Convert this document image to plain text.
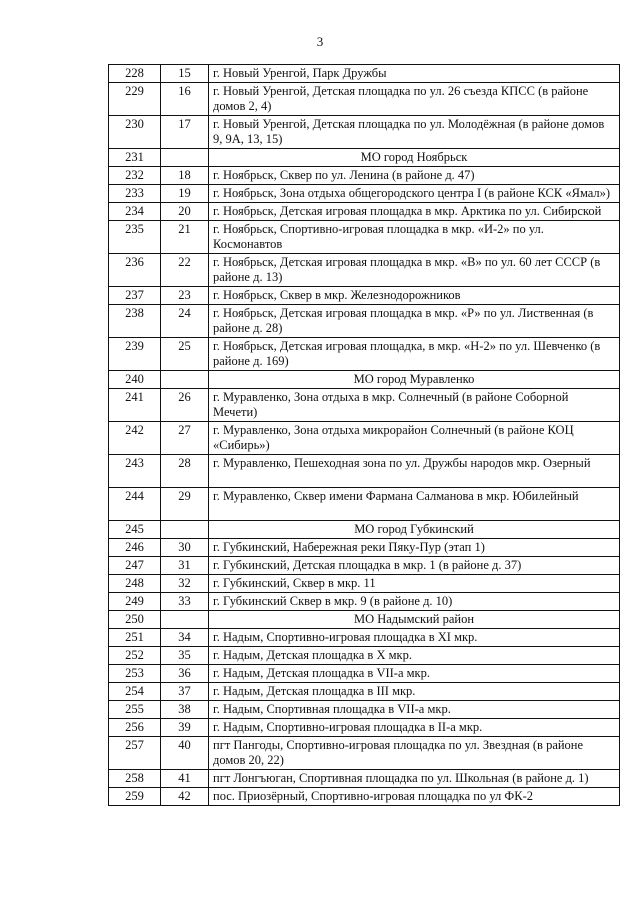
3
228	15	г. Новый Уренгой, Парк Дружбы
229	16	г. Новый Уренгой, Детская площадка по ул. 26 съезда КПСС (в районе домов 2, 4)
230	17	г. Новый Уренгой, Детская площадка по ул. Молодёжная (в районе домов 9, 9А, 13, 15)
231		МО город Ноябрьск
232	18	г. Ноябрьск, Сквер по ул. Ленина (в районе д. 47)
233	19	г. Ноябрьск, Зона отдыха общегородского центра I (в районе КСК «Ямал»)
234	20	г. Ноябрьск, Детская игровая площадка в мкр. Арктика по ул. Сибирской
235	21	г. Ноябрьск, Спортивно-игровая площадка в мкр. «И-2» по ул. Космонавтов
236	22	г. Ноябрьск, Детская игровая площадка в мкр. «В» по ул. 60 лет СССР (в районе д. 13)
237	23	г. Ноябрьск, Сквер в мкр. Железнодорожников
238	24	г. Ноябрьск, Детская игровая площадка в мкр. «Р» по ул. Лиственная (в районе д. 28)
239	25	г. Ноябрьск, Детская игровая площадка, в мкр. «Н-2» по ул. Шевченко (в районе д. 169)
240		МО город Муравленко
241	26	г. Муравленко, Зона отдыха в мкр. Солнечный (в районе Соборной Мечети)
242	27	г. Муравленко, Зона отдыха микрорайон Солнечный (в районе КОЦ «Сибирь»)
243	28	г. Муравленко, Пешеходная зона по ул. Дружбы народов мкр. Озерный
244	29	г. Муравленко, Сквер имени Фармана Салманова в мкр. Юбилейный
245		МО город Губкинский
246	30	г. Губкинский, Набережная реки Пяку-Пур (этап 1)
247	31	г. Губкинский, Детская площадка в мкр. 1 (в районе д. 37)
248	32	г. Губкинский, Сквер в мкр. 11
249	33	г. Губкинский Сквер в мкр. 9 (в районе д. 10)
250		МО Надымский район
251	34	г. Надым, Спортивно-игровая площадка в XI мкр.
252	35	г. Надым, Детская площадка в X мкр.
253	36	г. Надым, Детская площадка в VII-а мкр.
254	37	г. Надым, Детская площадка в III мкр.
255	38	г. Надым, Спортивная площадка в VII-а мкр.
256	39	г. Надым, Спортивно-игровая площадка в II-а мкр.
257	40	пгт Пангоды, Спортивно-игровая площадка по ул. Звездная (в районе домов 20, 22)
258	41	пгт Лонгъюган, Спортивная площадка по ул. Школьная (в районе д. 1)
259	42	пос. Приозёрный, Спортивно-игровая площадка по ул ФК-2
